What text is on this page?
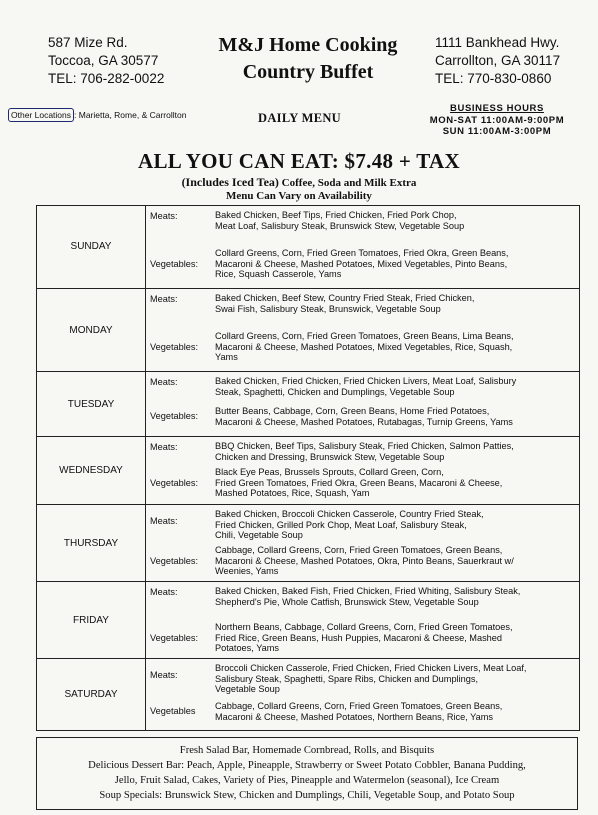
587 Mize Rd.
Toccoa, GA 30577
TEL: 706-282-0022
M&J Home Cooking
Country Buffet
1111 Bankhead Hwy.
Carrollton, GA 30117
TEL: 770-830-0860
Other Locations : Marietta, Rome, & Carrollton	DAILY MENU
BUSINESS HOURS
MON-SAT 11:00AM-9:00PM
SUN 11:00AM-3:00PM
ALL YOU CAN EAT: $7.48 + TAX
(Includes Iced Tea) Coffee, Soda and Milk Extra
Menu Can Vary on Availability
SUNDAY
Meats:	Baked Chicken, Beef Tips, Fried Chicken, Fried Pork Chop,
Meat Loaf, Salisbury Steak, Brunswick Stew, Vegetable Soup
Vegetables:
Collard Greens, Corn, Fried Green Tomatoes, Fried Okra, Green Beans,
Macaroni & Cheese, Mashed Potatoes, Mixed Vegetables, Pinto Beans,
Rice, Squash Casserole, Yams
MONDAY
Meats:	Baked Chicken, Beef Stew, Country Fried Steak, Fried Chicken,
Swai Fish, Salisbury Steak, Brunswick, Vegetable Soup
Vegetables:
Collard Greens, Corn, Fried Green Tomatoes, Green Beans, Lima Beans,
Macaroni & Cheese, Mashed Potatoes, Mixed Vegetables, Rice, Squash,
Yams
TUESDAY
Meats:	Baked Chicken, Fried Chicken, Fried Chicken Livers, Meat Loaf, Salisbury
Steak, Spaghetti, Chicken and Dumplings, Vegetable Soup
Vegetables:
Butter Beans, Cabbage, Corn, Green Beans, Home Fried Potatoes,
Macaroni & Cheese, Mashed Potatoes, Rutabagas, Turnip Greens, Yams
WEDNESDAY
Meats:	BBQ Chicken, Beef Tips, Salisbury Steak, Fried Chicken, Salmon Patties,
Chicken and Dressing, Brunswick Stew, Vegetable Soup
Vegetables:
Black Eye Peas, Brussels Sprouts, Collard Green, Corn,
Fried Green Tomatoes, Fried Okra, Green Beans, Macaroni & Cheese,
Mashed Potatoes, Rice, Squash, Yam
THURSDAY
Meats:
Baked Chicken, Broccoli Chicken Casserole, Country Fried Steak,
Fried Chicken, Grilled Pork Chop, Meat Loaf, Salisbury Steak,
Chili, Vegetable Soup
Vegetables:
Cabbage, Collard Greens, Corn, Fried Green Tomatoes, Green Beans,
Macaroni & Cheese, Mashed Potatoes, Okra, Pinto Beans, Sauerkraut w/
Weenies, Yams
FRIDAY
Meats:	Baked Chicken, Baked Fish, Fried Chicken, Fried Whiting, Salisbury Steak,
Shepherd's Pie, Whole Catfish, Brunswick Stew, Vegetable Soup
Vegetables:
Northern Beans, Cabbage, Collard Greens, Corn, Fried Green Tomatoes,
Fried Rice, Green Beans, Hush Puppies, Macaroni & Cheese, Mashed
Potatoes, Yams
SATURDAY
Meats:
Broccoli Chicken Casserole, Fried Chicken, Fried Chicken Livers, Meat Loaf,
Salisbury Steak, Spaghetti, Spare Ribs, Chicken and Dumplings,
Vegetable Soup
Vegetables
Cabbage, Collard Greens, Corn, Fried Green Tomatoes, Green Beans,
Macaroni & Cheese, Mashed Potatoes, Northern Beans, Rice, Yams
Fresh Salad Bar, Homemade Cornbread, Rolls, and Bisquits
Delicious Dessert Bar: Peach, Apple, Pineapple, Strawberry or Sweet Potato Cobbler, Banana Pudding,
Jello, Fruit Salad, Cakes, Variety of Pies, Pineapple and Watermelon (seasonal), Ice Cream
Soup Specials: Brunswick Stew, Chicken and Dumplings, Chili, Vegetable Soup, and Potato Soup
